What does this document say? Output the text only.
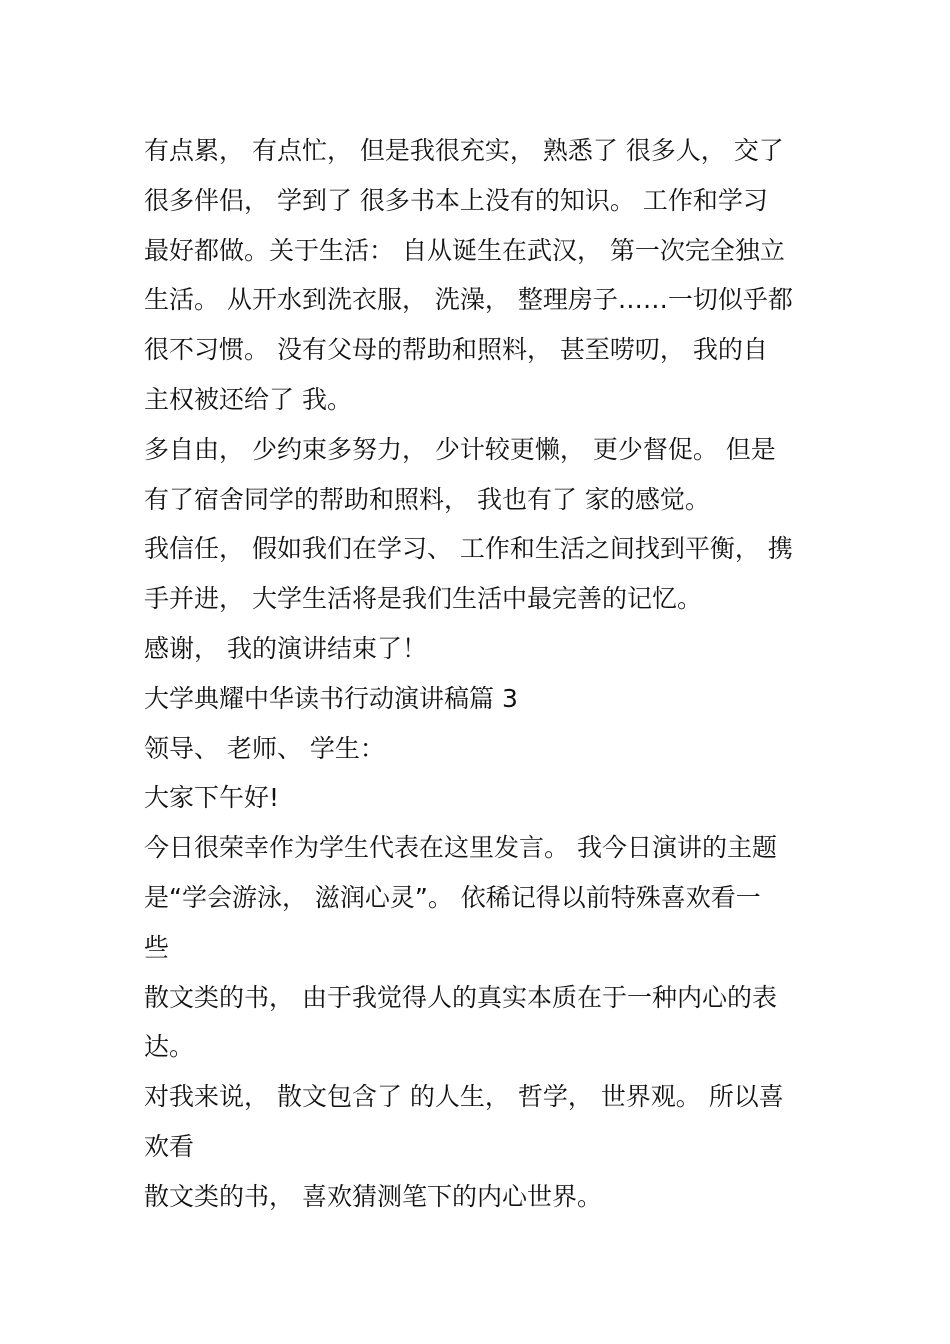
有点累， 有点忙， 但是我很充实， 熟悉了 很多人， 交了
很多伴侣， 学到了 很多书本上没有的知识。 工作和学习
最好都做。关于生活： 自从诞生在武汉， 第一次完全独立
生活。 从开水到洗衣服， 洗澡， 整理房子……一切似乎都
很不习惯。 没有父母的帮助和照料， 甚至唠叨， 我的自
主权被还给了 我。
多自由， 少约束多努力， 少计较更懒， 更少督促。 但是
有了宿舍同学的帮助和照料， 我也有了 家的感觉。
我信任， 假如我们在学习、 工作和生活之间找到平衡， 携
手并进， 大学生活将是我们生活中最完善的记忆。
感谢， 我的演讲结束了！
大学典耀中华读书行动演讲稿篇 3
领导、 老师、 学生：
大家下午好!
今日很荣幸作为学生代表在这里发言。 我今日演讲的主题
是“学会游泳， 滋润心灵”。 依稀记得以前特殊喜欢看一
些
散文类的书， 由于我觉得人的真实本质在于一种内心的表
达。
对我来说， 散文包含了 的人生， 哲学， 世界观。 所以喜
欢看
散文类的书， 喜欢猜测笔下的内心世界。
